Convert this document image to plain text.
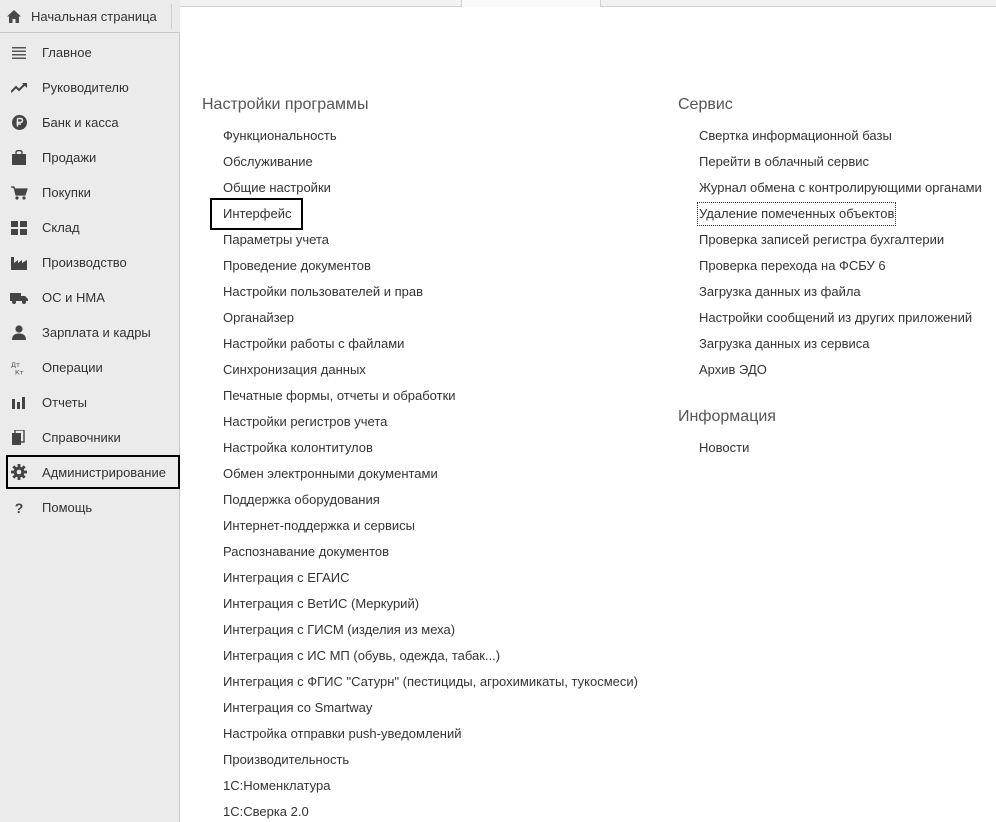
Начальная страница
Главное
Руководителю
Банк и касса
Продажи
Покупки
Склад
Производство
ОС и НМА
Зарплата и кадры
Дт
Кт Операции
Отчеты
Справочники
Администрирование
? Помощь
Настройки программы
Функциональность
Обслуживание
Общие настройки
Интерфейс
Параметры учета
Проведение документов
Настройки пользователей и прав
Органайзер
Настройки работы с файлами
Синхронизация данных
Печатные формы, отчеты и обработки
Настройки регистров учета
Настройка колонтитулов
Обмен электронными документами
Поддержка оборудования
Интернет-поддержка и сервисы
Распознавание документов
Интеграция с ЕГАИС
Интеграция с ВетИС (Меркурий)
Интеграция с ГИСМ (изделия из меха)
Интеграция с ИС МП (обувь, одежда, табак...)
Интеграция с ФГИС "Сатурн" (пестициды, агрохимикаты, тукосмеси)
Интеграция со Smartway
Настройка отправки push-уведомлений
Производительность
1С:Номенклатура
1С:Сверка 2.0
Сервис
Свертка информационной базы
Перейти в облачный сервис
Журнал обмена с контролирующими органами
Удаление помеченных объектов
Проверка записей регистра бухгалтерии
Проверка перехода на ФСБУ 6
Загрузка данных из файла
Настройки сообщений из других приложений
Загрузка данных из сервиса
Архив ЭДО
Информация
Новости
